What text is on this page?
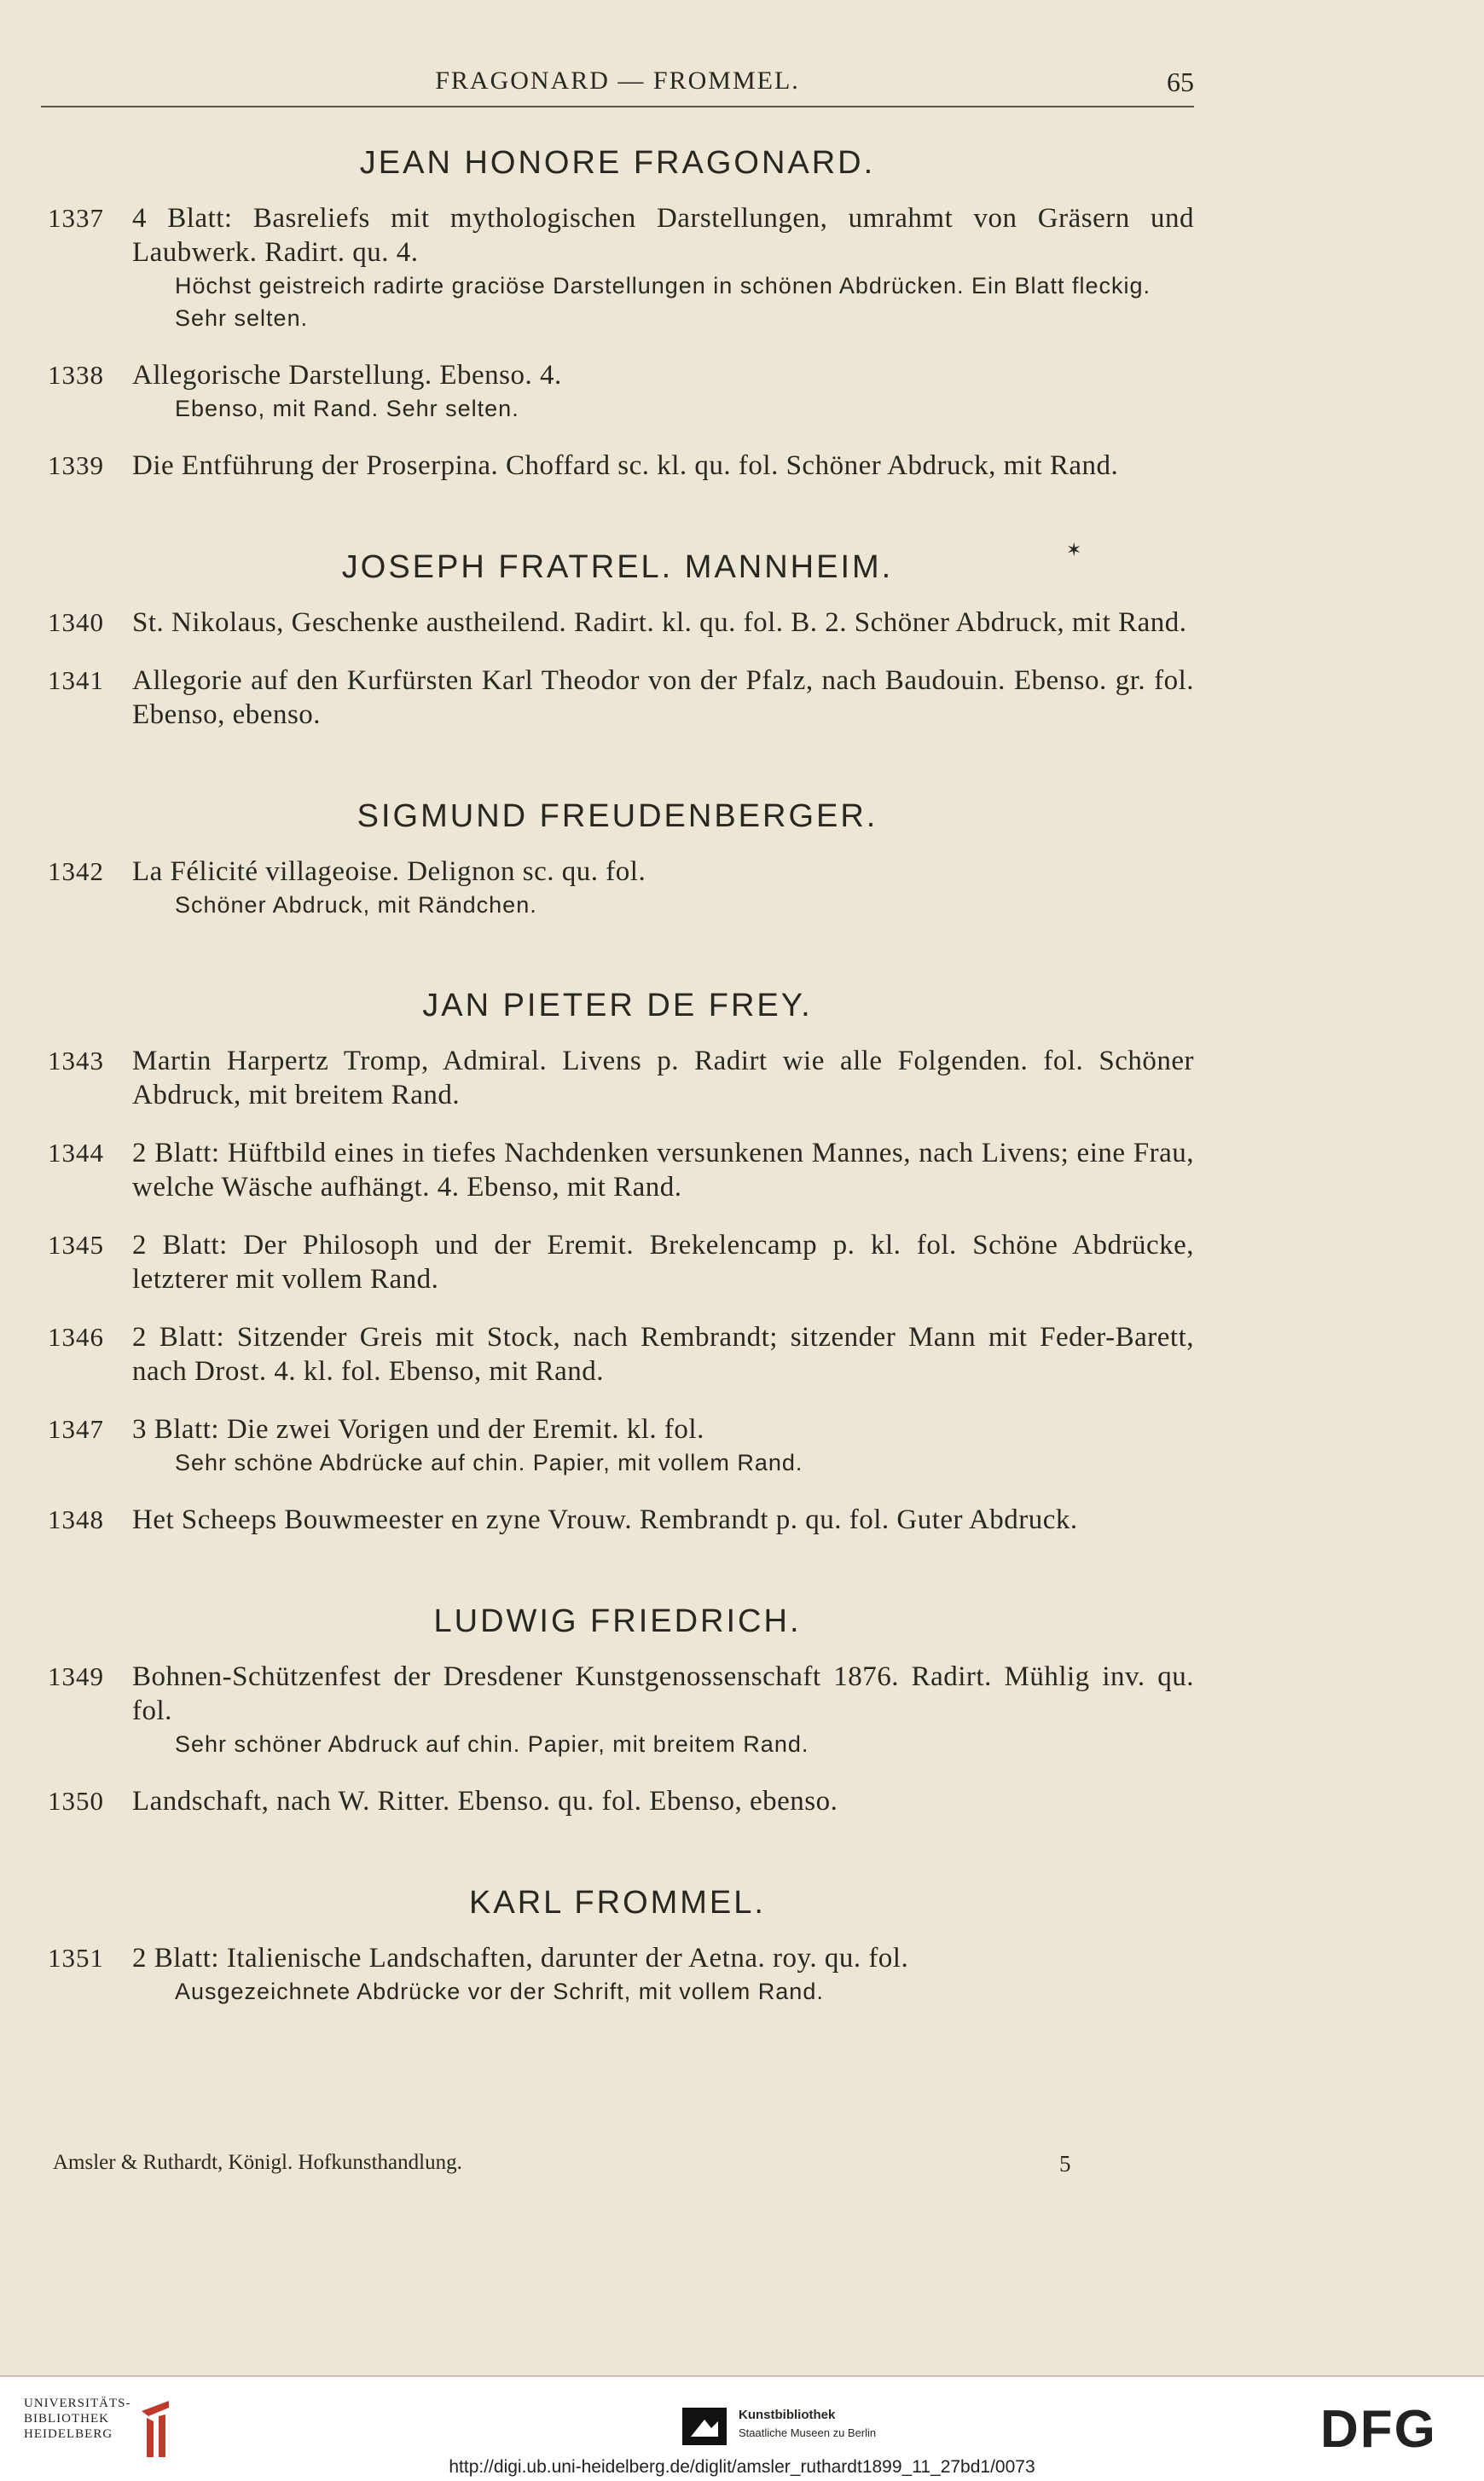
FRAGONARD — FROMMEL.	65
✶
JEAN HONORE FRAGONARD.
1337 4 Blatt: Basreliefs mit mythologischen Darstellungen, umrahmt von Gräsern und Laubwerk. Radirt. qu. 4.
Höchst geistreich radirte graciöse Darstellungen in schönen Abdrücken. Ein Blatt fleckig. Sehr selten.
1338 Allegorische Darstellung. Ebenso. 4.
Ebenso, mit Rand. Sehr selten.
1339 Die Entführung der Proserpina. Choffard sc. kl. qu. fol. Schöner Abdruck, mit Rand.
JOSEPH FRATREL. MANNHEIM.
1340 St. Nikolaus, Geschenke austheilend. Radirt. kl. qu. fol. B. 2. Schöner Abdruck, mit Rand.
1341 Allegorie auf den Kurfürsten Karl Theodor von der Pfalz, nach Baudouin. Ebenso. gr. fol. Ebenso, ebenso.
SIGMUND FREUDENBERGER.
1342 La Félicité villageoise. Delignon sc. qu. fol.
Schöner Abdruck, mit Rändchen.
JAN PIETER DE FREY.
1343 Martin Harpertz Tromp, Admiral. Livens p. Radirt wie alle Folgenden. fol. Schöner Abdruck, mit breitem Rand.
1344 2 Blatt: Hüftbild eines in tiefes Nachdenken versunkenen Mannes, nach Livens; eine Frau, welche Wäsche aufhängt. 4. Ebenso, mit Rand.
1345 2 Blatt: Der Philosoph und der Eremit. Brekelencamp p. kl. fol. Schöne Abdrücke, letzterer mit vollem Rand.
1346 2 Blatt: Sitzender Greis mit Stock, nach Rembrandt; sitzender Mann mit Feder-Barett, nach Drost. 4. kl. fol. Ebenso, mit Rand.
1347 3 Blatt: Die zwei Vorigen und der Eremit. kl. fol.
Sehr schöne Abdrücke auf chin. Papier, mit vollem Rand.
1348 Het Scheeps Bouwmeester en zyne Vrouw. Rembrandt p. qu. fol. Guter Abdruck.
LUDWIG FRIEDRICH.
1349 Bohnen-Schützenfest der Dresdener Kunstgenossenschaft 1876. Radirt. Mühlig inv. qu. fol.
Sehr schöner Abdruck auf chin. Papier, mit breitem Rand.
1350 Landschaft, nach W. Ritter. Ebenso. qu. fol. Ebenso, ebenso.
KARL FROMMEL.
1351 2 Blatt: Italienische Landschaften, darunter der Aetna. roy. qu. fol.
Ausgezeichnete Abdrücke vor der Schrift, mit vollem Rand.
Amsler & Ruthardt, Königl. Hofkunsthandlung.	5
UNIVERSITÄTS-
BIBLIOTHEK
HEIDELBERG
Kunstbibliothek
Staatliche Museen zu Berlin	DFG
http://digi.ub.uni-heidelberg.de/diglit/amsler_ruthardt1899_11_27bd1/0073
